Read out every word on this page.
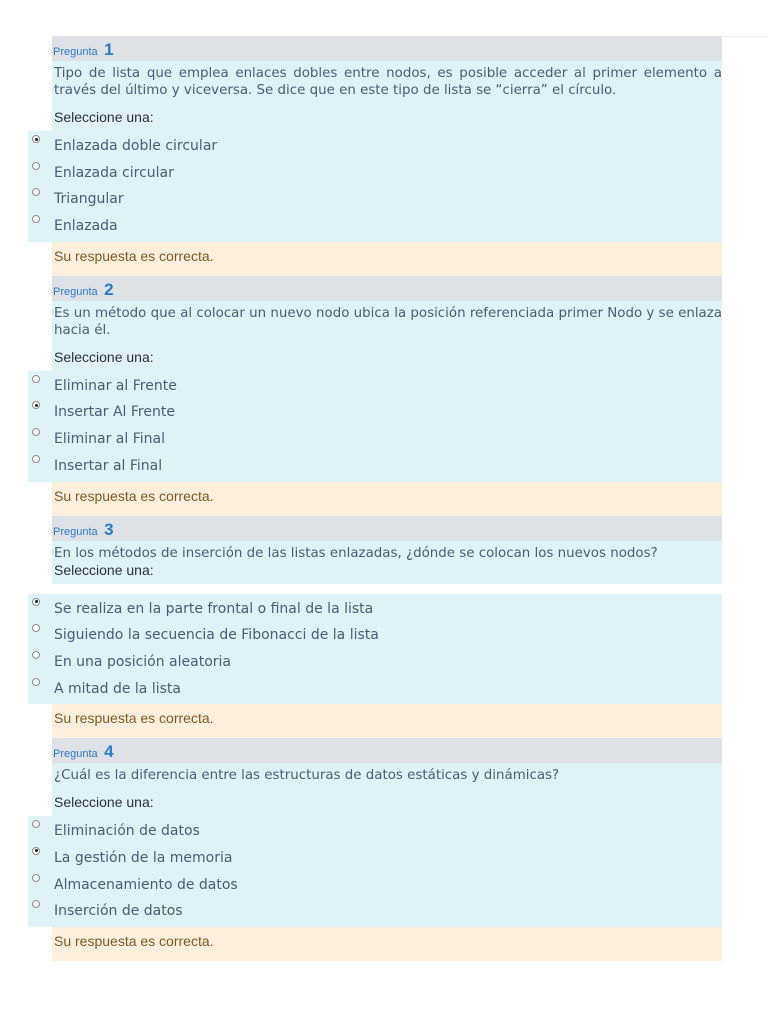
Pregunta 1

Tipo de lista que emplea enlaces dobles entre nodos, es posible acceder al primer elemento a través del último y viceversa. Se dice que en este tipo de lista se “cierra” el círculo.

Seleccione una:
Enlazada doble circular
Enlazada circular
Triangular
Enlazada
Su respuesta es correcta.
Pregunta 2

Es un método que al colocar un nuevo nodo ubica la posición referenciada primer Nodo y se enlaza hacia él.

Seleccione una:
Eliminar al Frente
Insertar Al Frente
Eliminar al Final
Insertar al Final
Su respuesta es correcta.
Pregunta 3

En los métodos de inserción de las listas enlazadas, ¿dónde se colocan los nuevos nodos?

Seleccione una:
Se realiza en la parte frontal o final de la lista
Siguiendo la secuencia de Fibonacci de la lista
En una posición aleatoria
A mitad de la lista
Su respuesta es correcta.
Pregunta 4

¿Cuál es la diferencia entre las estructuras de datos estáticas y dinámicas?

Seleccione una:
Eliminación de datos
La gestión de la memoria
Almacenamiento de datos
Inserción de datos
Su respuesta es correcta.
